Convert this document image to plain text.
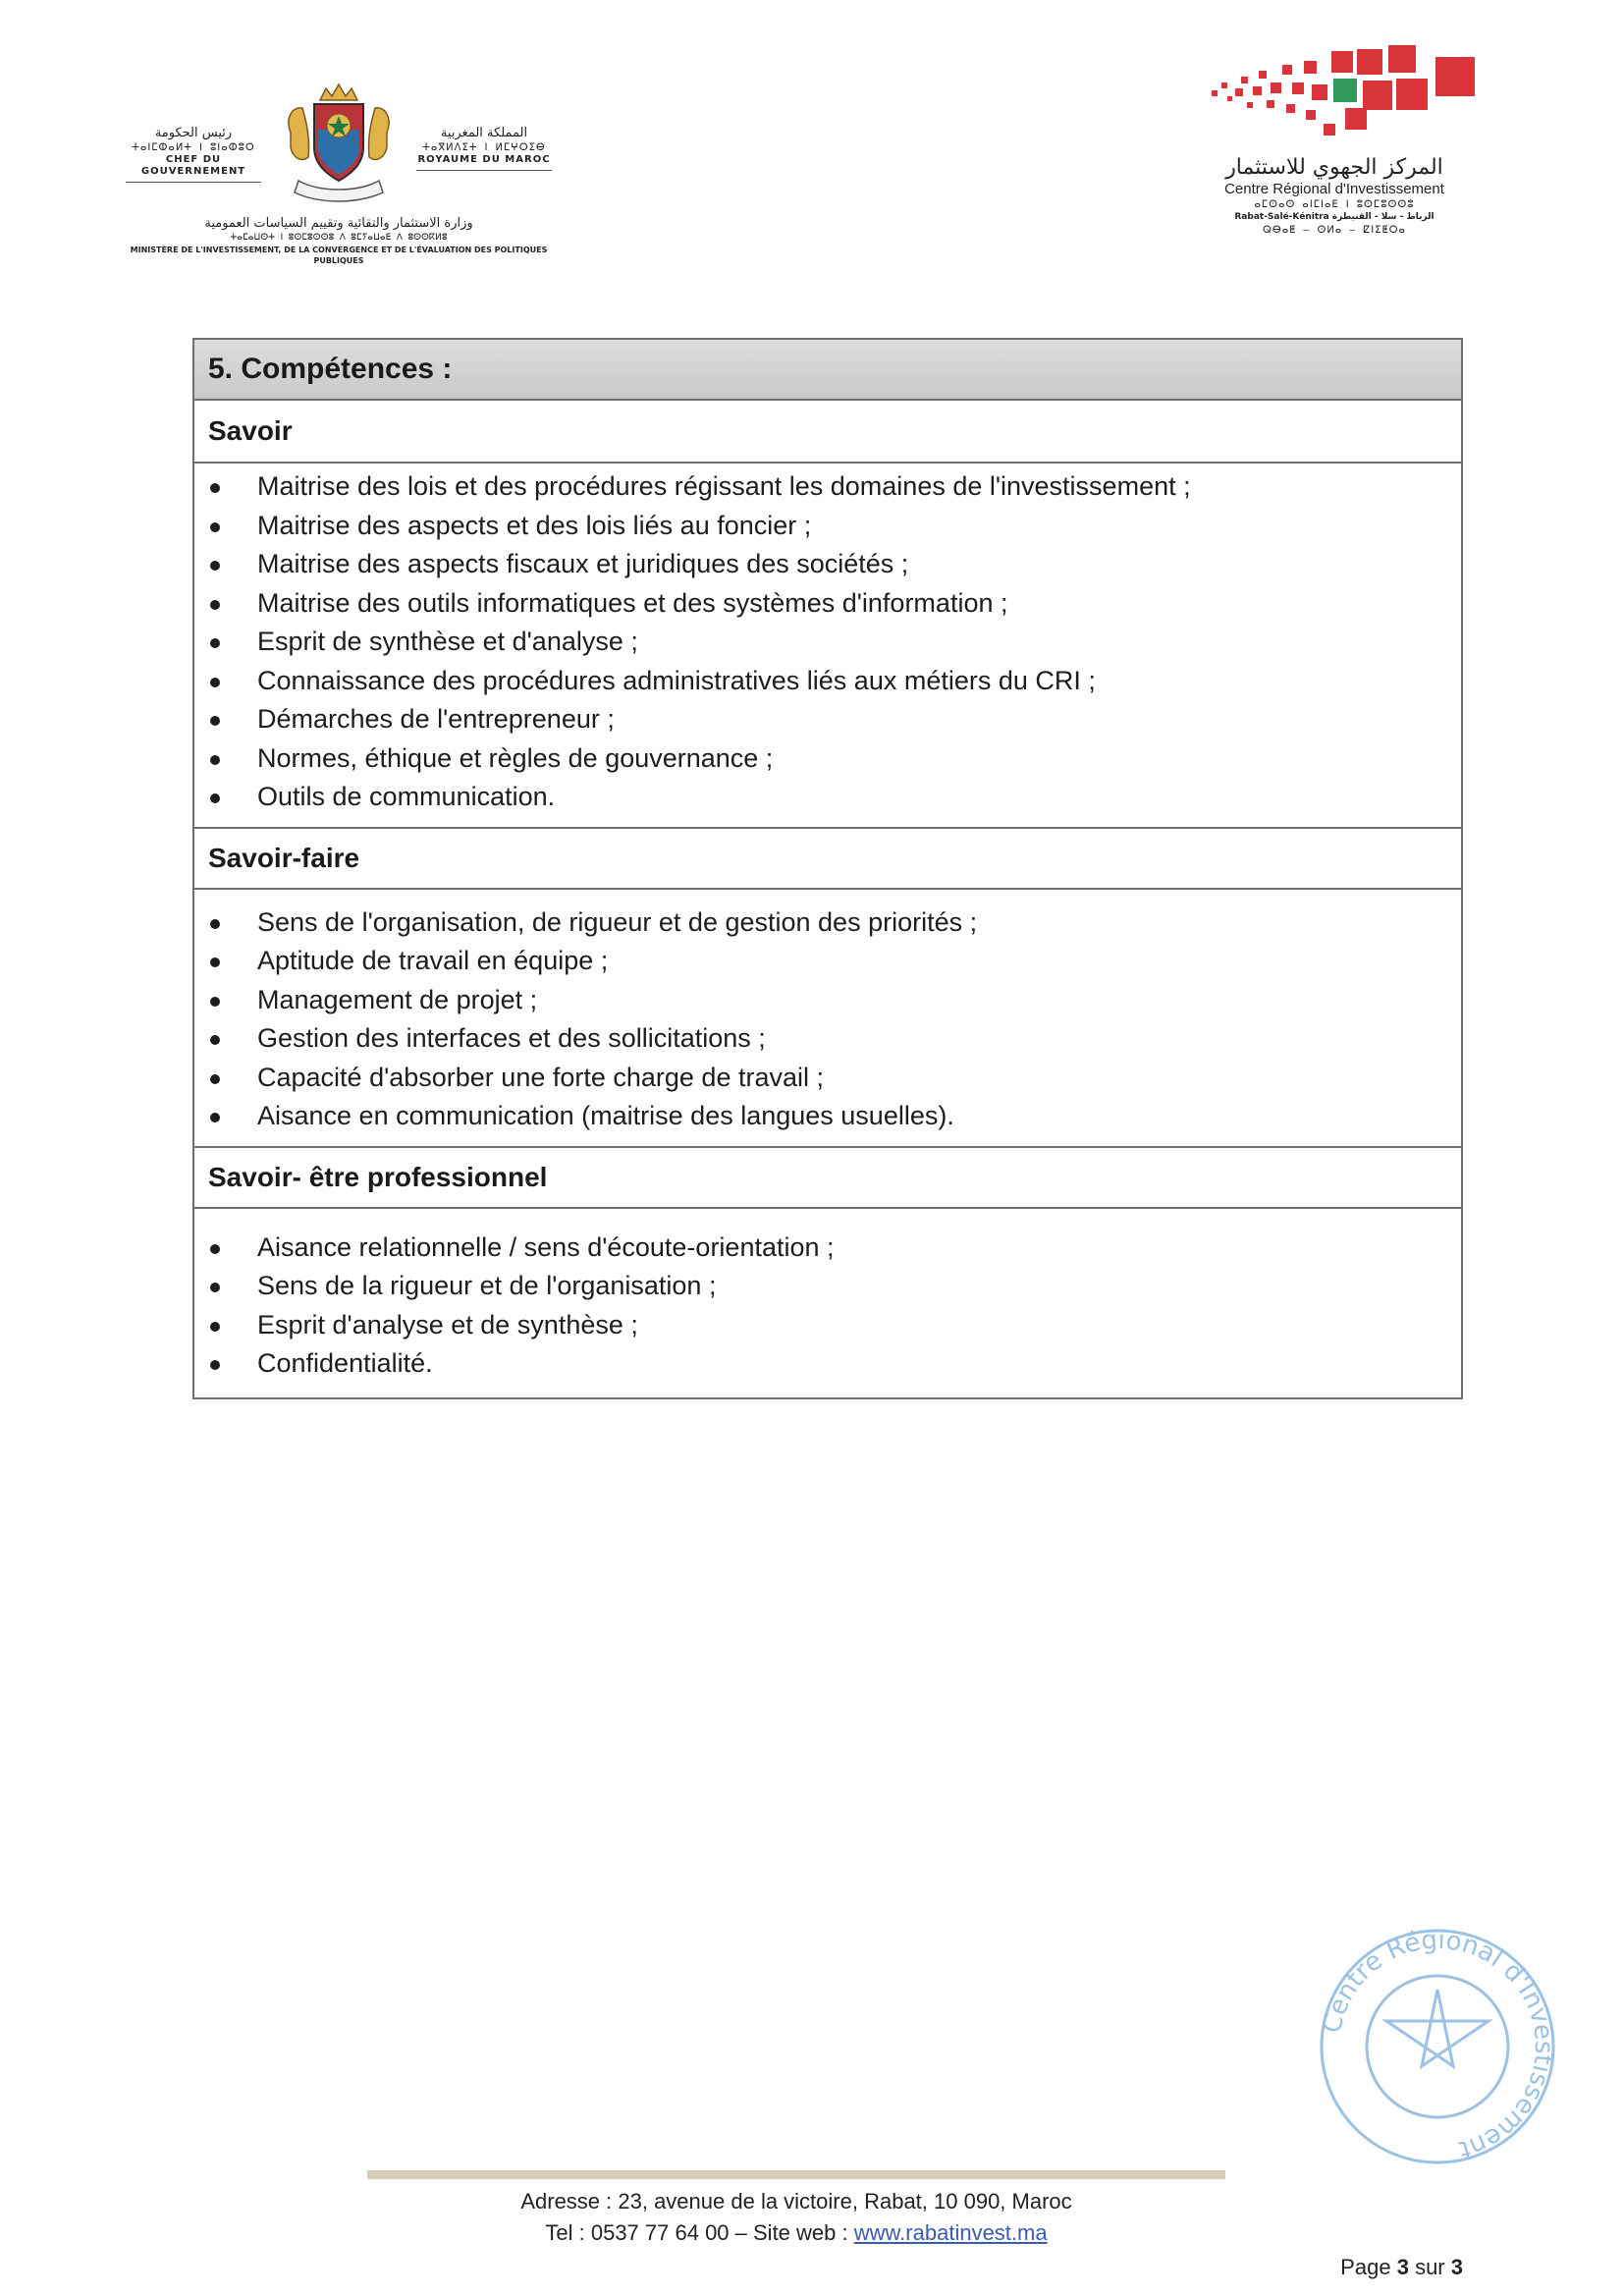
رئيس الحكومة
ⵜⴰⵏⵎⵀⴰⵍⵜ ⵏ ⵓⵏⴰⵀⵓⵔ
CHEF DU GOUVERNEMENT
المملكة المغربية
ⵜⴰⴳⵍⴷⵉⵜ ⵏ ⵍⵎⵖⵔⵉⴱ
ROYAUME DU MAROC
وزارة الاستثمار والتقائية وتقييم السياسات العمومية
ⵜⴰⵎⴰⵡⵙⵜ ⵏ ⵓⵙⵎⵓⵙⵙⵓ ⴷ ⵓⵎⵢⴰⵡⴰⴹ ⴷ ⵓⵙⵙⴽⵍⵓ
MINISTÈRE DE L'INVESTISSEMENT, DE LA CONVERGENCE ET DE L'ÉVALUATION DES POLITIQUES PUBLIQUES
المركز الجهوي للاستثمار
Centre Régional d'Investissement
ⴰⵎⵙⴰⵙ ⴰⵏⵎⵏⴰⴹ ⵏ ⵓⵙⵎⵓⵙⵙⵓ
Rabat-Salé-Kénitra الرباط - سلا - القنيطرة
ⵕⴱⴰⵟ – ⵙⵍⴰ – ⵇⵏⵉⵟⵔⴰ
5. Compétences :
Savoir
Maitrise des lois et des procédures régissant les domaines de l'investissement ;
Maitrise des aspects et des lois liés au foncier ;
Maitrise des aspects fiscaux et juridiques des sociétés ;
Maitrise des outils informatiques et des systèmes d'information ;
Esprit de synthèse et d'analyse ;
Connaissance des procédures administratives liés aux métiers du CRI ;
Démarches de l'entrepreneur ;
Normes, éthique et règles de gouvernance ;
Outils de communication.
Savoir-faire
Sens de l'organisation, de rigueur et de gestion des priorités ;
Aptitude de travail en équipe ;
Management de projet ;
Gestion des interfaces et des sollicitations ;
Capacité d'absorber une forte charge de travail ;
Aisance en communication (maitrise des langues usuelles).
Savoir- être professionnel
Aisance relationnelle / sens d'écoute-orientation ;
Sens de la rigueur et de l'organisation ;
Esprit d'analyse et de synthèse ;
Confidentialité.
Centre Régional d'Investissement
Adresse : 23, avenue de la victoire, Rabat, 10 090, Maroc
Tel : 0537 77 64 00 – Site web : www.rabatinvest.ma
Page 3 sur 3
